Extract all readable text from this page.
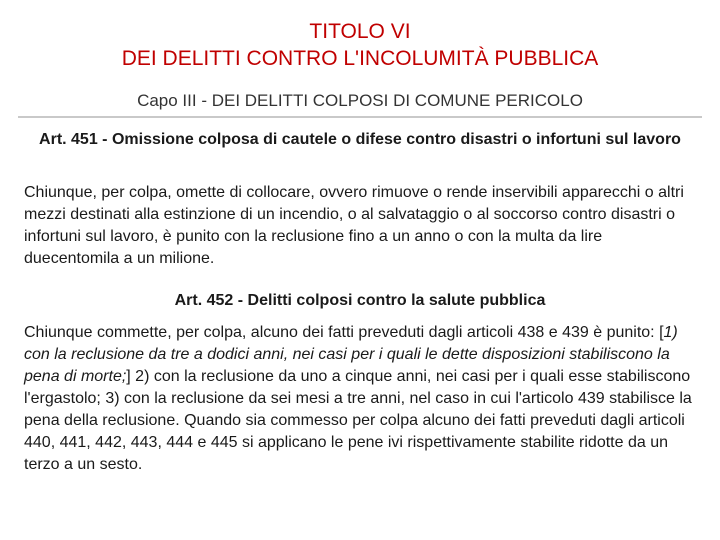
TITOLO VI
DEI DELITTI CONTRO L'INCOLUMITÀ PUBBLICA
Capo III - DEI DELITTI COLPOSI DI COMUNE PERICOLO
Art. 451 - Omissione colposa di cautele o difese contro disastri o infortuni sul lavoro
Chiunque, per colpa, omette di collocare, ovvero rimuove o rende inservibili apparecchi o altri mezzi destinati alla estinzione di un incendio, o al salvataggio o al soccorso contro disastri o infortuni sul lavoro, è punito con la reclusione fino a un anno o con la multa da lire duecentomila a un milione.
Art. 452 - Delitti colposi contro la salute pubblica
Chiunque commette, per colpa, alcuno dei fatti preveduti dagli articoli 438 e 439 è punito: [1) con la reclusione da tre a dodici anni, nei casi per i quali le dette disposizioni stabiliscono la pena di morte;] 2) con la reclusione da uno a cinque anni, nei casi per i quali esse stabiliscono l'ergastolo; 3) con la reclusione da sei mesi a tre anni, nel caso in cui l'articolo 439 stabilisce la pena della reclusione. Quando sia commesso per colpa alcuno dei fatti preveduti dagli articoli 440, 441, 442, 443, 444 e 445 si applicano le pene ivi rispettivamente stabilite ridotte da un terzo a un sesto.
